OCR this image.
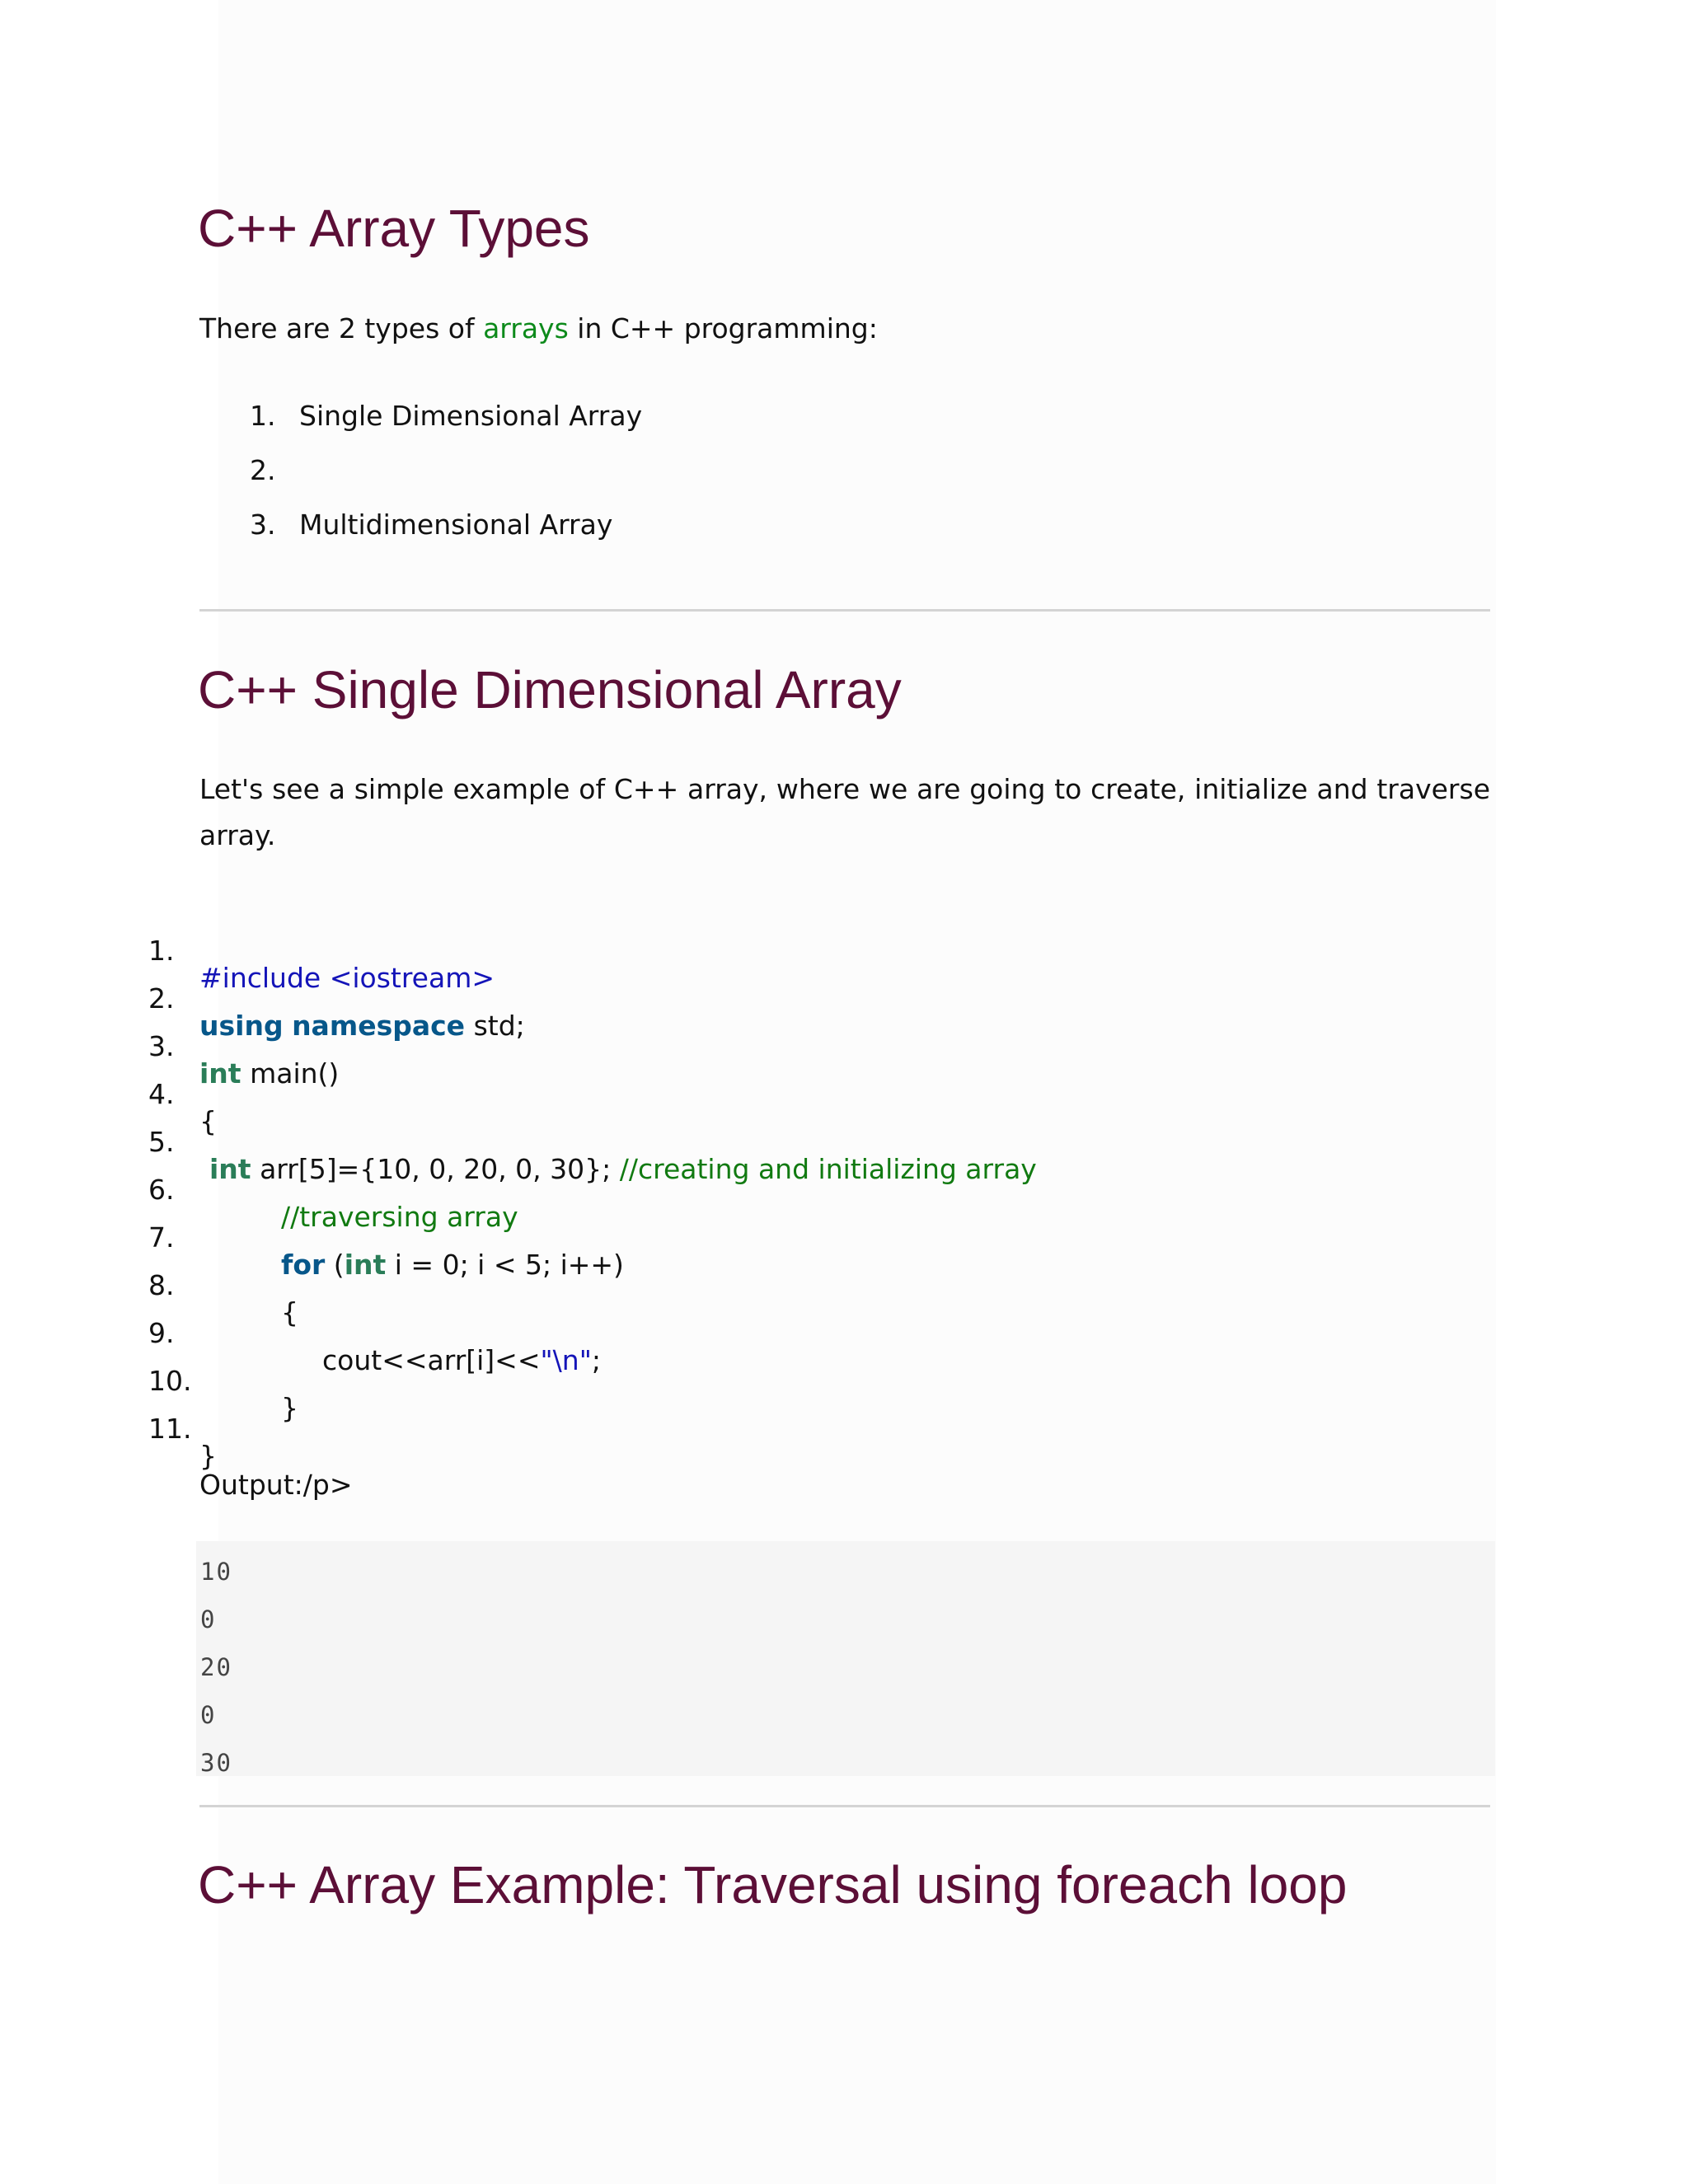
C++ Array Types

There are 2 types of arrays in C++ programming:

1. Single Dimensional Array
2.
3. Multidimensional Array
C++ Single Dimensional Array

Let's see a simple example of C++ array, where we are going to create, initialize and traverse array.

1.

#include <iostream>

2.

using namespace std;

3.

int main()

4.

{

5.

int arr[5]={10, 0, 20, 0, 30}; //creating and initializing array

6.

//traversing array

7.

for (int i = 0; i < 5; i++)

8.

{

9.

cout<<arr[i]<<"\n";

10.

}

11.

}

Output:/p>

10
0
20
0
30
C++ Array Example: Traversal using foreach loop
